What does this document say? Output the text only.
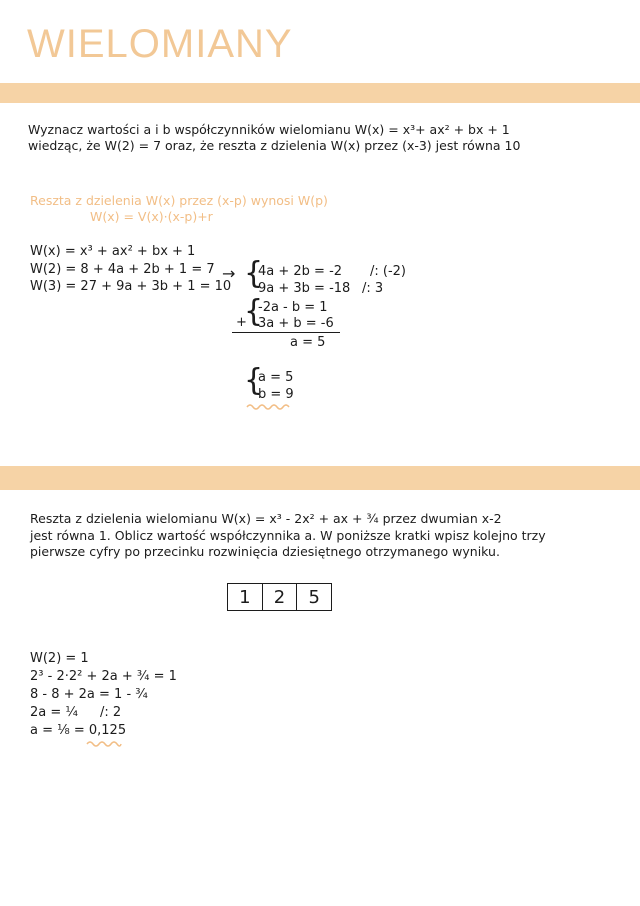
WIELOMIANY
Wyznacz wartości a i b współczynników wielomianu W(x) = x³+ ax² + bx + 1
wiedząc, że W(2) = 7 oraz, że reszta z dzielenia W(x) przez (x-3) jest równa 10
Reszta z dzielenia W(x) przez (x-p) wynosi W(p)
W(x) = V(x)·(x-p)+r
W(x) = x³ + ax² + bx + 1
W(2) = 8 + 4a + 2b + 1 = 7
W(3) = 27 + 9a + 3b + 1 = 10
→ {
4a + 2b = -2
9a + 3b = -18
/: (-2)
/: 3
{
+
-2a - b = 1
3a + b = -6
a = 5
{
a = 5
b = 9
Reszta z dzielenia wielomianu W(x) = x³ - 2x² + ax + ¾ przez dwumian x-2
jest równa 1. Oblicz wartość współczynnika a. W poniższe kratki wpisz kolejno trzy
pierwsze cyfry po przecinku rozwinięcia dziesiętnego otrzymanego wyniku.
1	2	5
W(2) = 1
2³ - 2·2² + 2a + ¾ = 1
8 - 8 + 2a = 1 - ¾
2a = ¼ /: 2
a = ⅛ = 0,125
